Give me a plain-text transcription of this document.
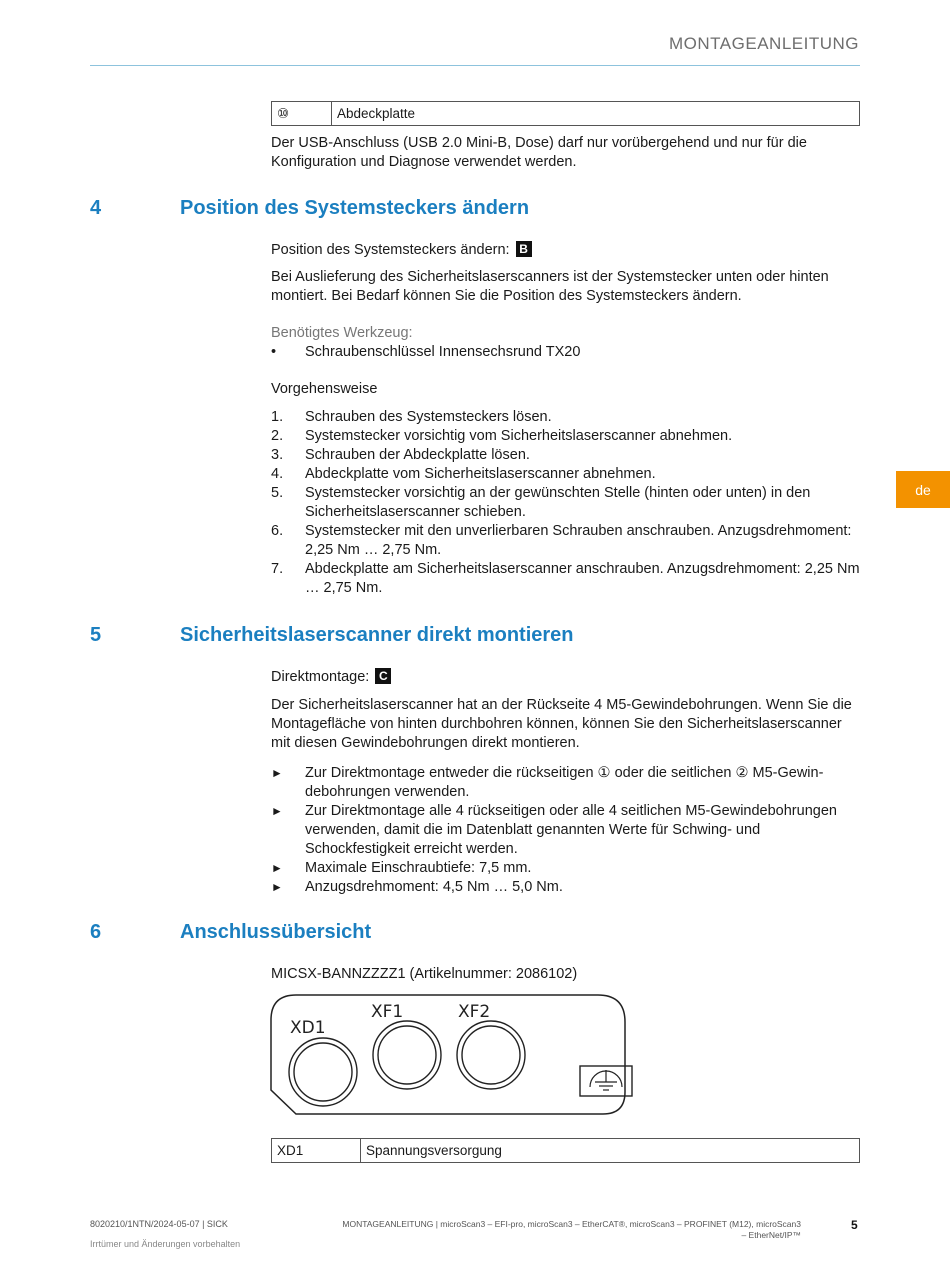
MONTAGEANLEITUNG
de
⑩	Abdeckplatte

Der USB-Anschluss (USB 2.0 Mini-B, Dose) darf nur vorübergehend und nur für die Konfiguration und Diagnose verwendet werden.

4	Position des Systemsteckers ändern
Position des Systemsteckers ändern: B

Bei Auslieferung des Sicherheitslaserscanners ist der Systemstecker unten oder hinten montiert. Bei Bedarf können Sie die Position des Systemsteckers ändern.

Benötigtes Werkzeug:
• Schraubenschlüssel Innensechsrund TX20
Vorgehensweise
1. Schrauben des Systemsteckers lösen.
2. Systemstecker vorsichtig vom Sicherheitslaserscanner abnehmen.
3. Schrauben der Abdeckplatte lösen.
4. Abdeckplatte vom Sicherheitslaserscanner abnehmen.
5. Systemstecker vorsichtig an der gewünschten Stelle (hinten oder unten) in den Sicherheitslaserscanner schieben.
6. Systemstecker mit den unverlierbaren Schrauben anschrauben. Anzugsdrehmoment: 2,25 Nm … 2,75 Nm.
7. Abdeckplatte am Sicherheitslaserscanner anschrauben. Anzugsdrehmoment: 2,25 Nm … 2,75 Nm.
5	Sicherheitslaserscanner direkt montieren
Direktmontage: C

Der Sicherheitslaserscanner hat an der Rückseite 4 M5-Gewindebohrungen. Wenn Sie die Montagefläche von hinten durchbohren können, können Sie den Sicherheitslaserscanner mit diesen Gewindebohrungen direkt montieren.

► Zur Direktmontage entweder die rückseitigen ① oder die seitlichen ② M5-Gewindebohrungen verwenden.
► Zur Direktmontage alle 4 rückseitigen oder alle 4 seitlichen M5-Gewindebohrungen verwenden, damit die im Datenblatt genannten Werte für Schwing- und Schockfestigkeit erreicht werden.
► Maximale Einschraubtiefe: 7,5 mm.
► Anzugsdrehmoment: 4,5 Nm … 5,0 Nm.
6	Anschlussübersicht
MICSX-BANNZZZZ1 (Artikelnummer: 2086102)
XD1
XF1	XF2
XD1	Spannungsversorgung
8020210/1NTN/2024-05-07 | SICK
Irrtümer und Änderungen vorbehalten
MONTAGEANLEITUNG | microScan3 – EFI-pro, microScan3 – EtherCAT®, microScan3 – PROFINET (M12), microScan3
– EtherNet/IP™
5
